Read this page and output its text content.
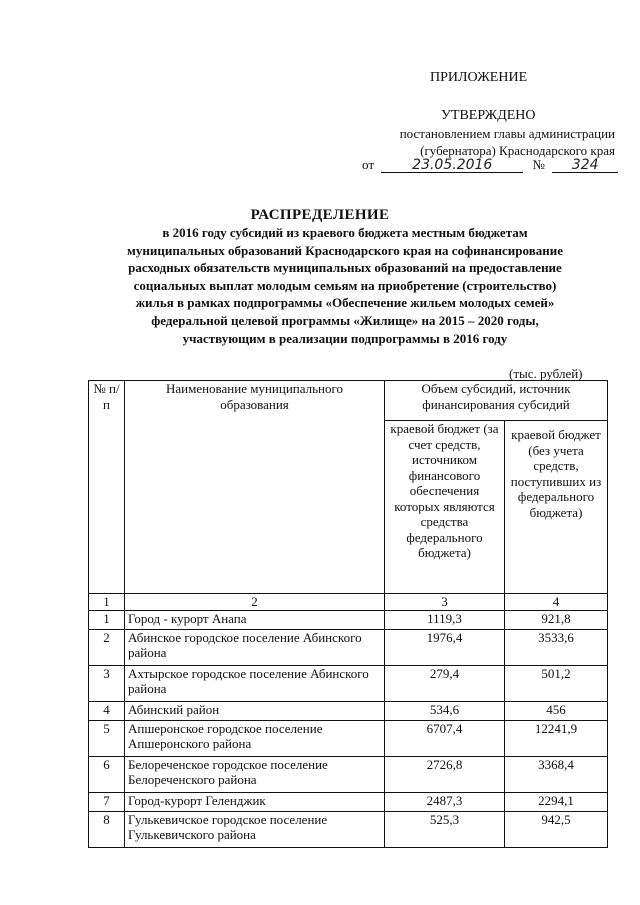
ПРИЛОЖЕНИЕ
УТВЕРЖДЕНО
постановлением главы администрации
(губернатора) Краснодарского края
от	23.05.2016	№ 324
РАСПРЕДЕЛЕНИЕ
в 2016 году субсидий из краевого бюджета местным бюджетам
муниципальных образований Краснодарского края на софинансирование
расходных обязательств муниципальных образований на предоставление
социальных выплат молодым семьям на приобретение (строительство)
жилья в рамках подпрограммы «Обеспечение жильем молодых семей»
федеральной целевой программы «Жилище» на 2015 – 2020 годы,
участвующим в реализации подпрограммы в 2016 году
(тыс. рублей)
№ п/п	Наименование муниципального образования	Объем субсидий, источник финансирования субсидий	
		краевой бюджет (за счет средств, источником финансового обеспечения которых являются средства федерального бюджета)	краевой бюджет (без учета средств, поступивших из федерального бюджета)
1	2	3	4
1	Город - курорт Анапа	1119,3	921,8
2	Абинское городское поселение Абинского района	1976,4	3533,6
3	Ахтырское городское поселение Абинского района	279,4	501,2
4	Абинский район	534,6	456
5	Апшеронское городское поселение Апшеронского района	6707,4	12241,9
6	Белореченское городское поселение Белореченского района	2726,8	3368,4
7	Город-курорт Геленджик	2487,3	2294,1
8	Гулькевичское городское поселение Гулькевичского района	525,3	942,5
